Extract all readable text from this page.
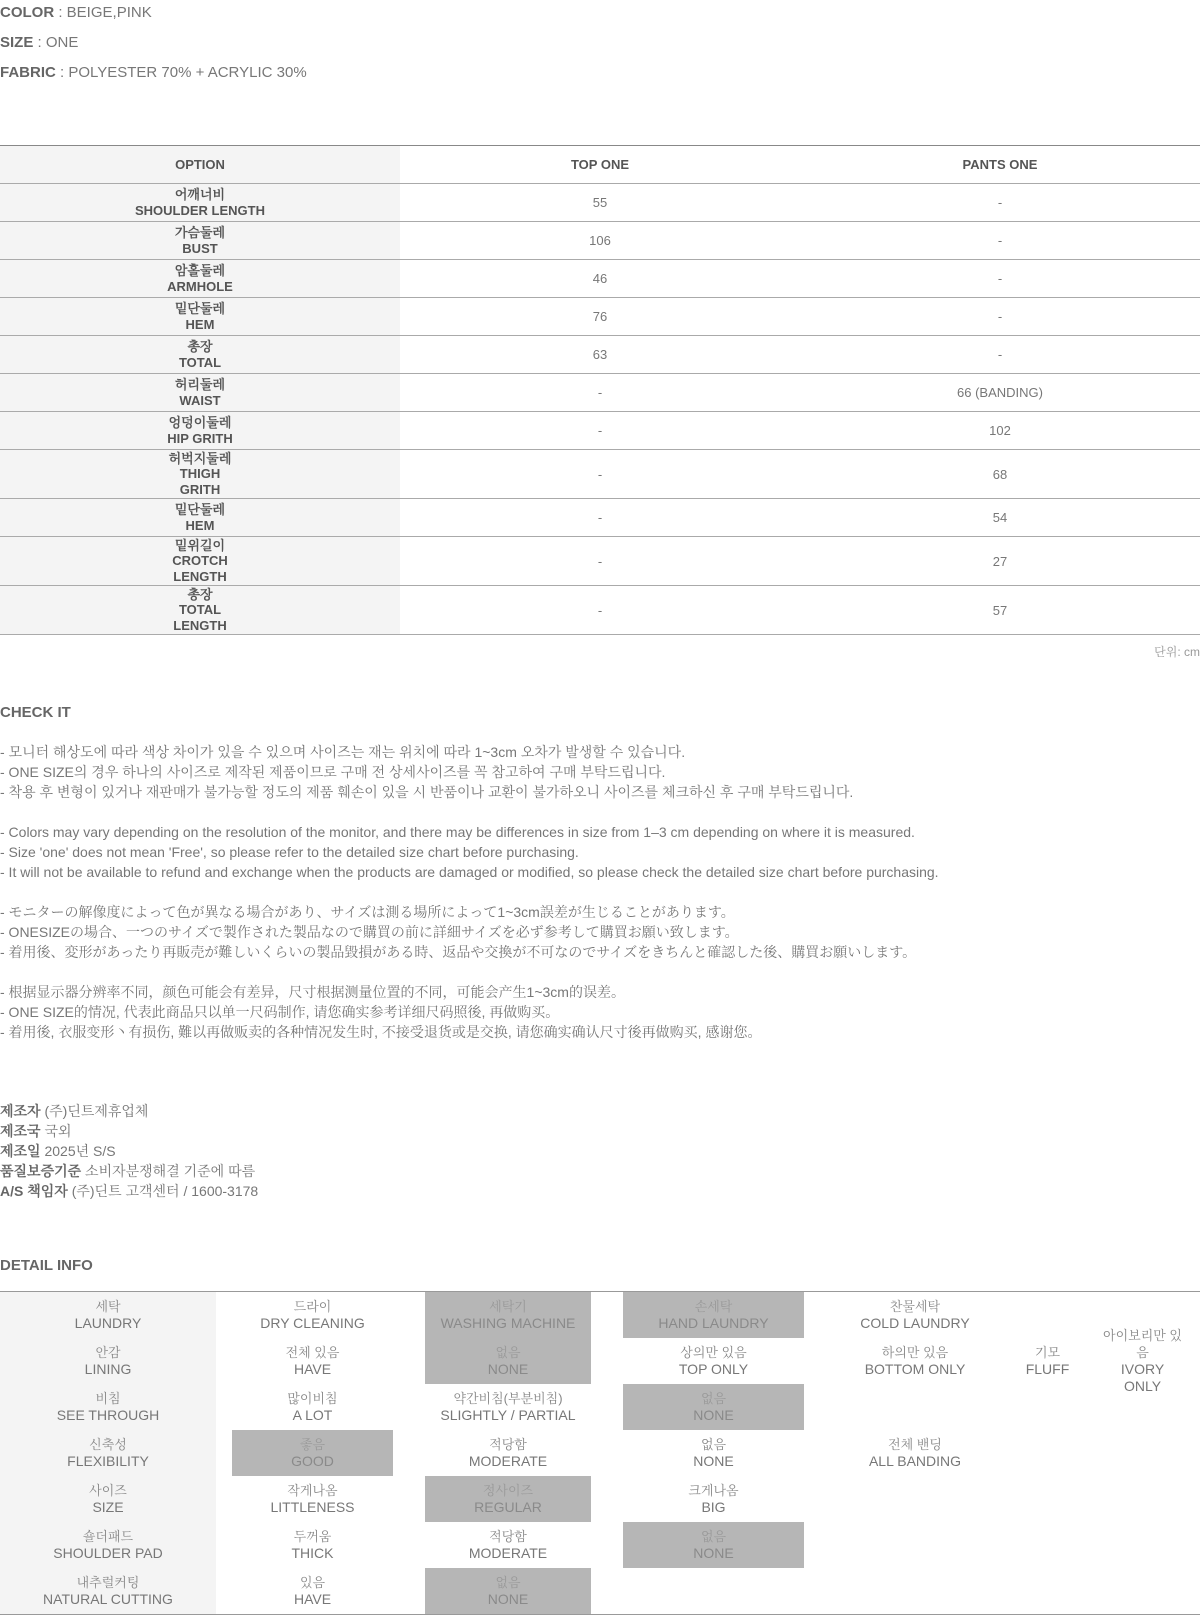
COLOR : BEIGE,PINK
SIZE : ONE
FABRIC : POLYESTER 70% + ACRYLIC 30%
OPTION	TOP ONE	PANTS ONE

어깨너비
SHOULDER LENGTH	55	-

가슴둘레
BUST	106	-

암홀둘레
ARMHOLE	46	-

밑단둘레
HEM	76	-

총장
TOTAL	63	-

허리둘레
WAIST	-	66 (BANDING)

엉덩이둘레
HIP GRITH	-	102

허벅지둘레
THIGH
GRITH	-	68

밑단둘레
HEM	-	54

밑위길이
CROTCH
LENGTH	-	27

총장
TOTAL
LENGTH	-	57
단위: cm
CHECK IT
- 모니터 해상도에 따라 색상 차이가 있을 수 있으며 사이즈는 재는 위치에 따라 1~3cm 오차가 발생할 수 있습니다.
- ONE SIZE의 경우 하나의 사이즈로 제작된 제품이므로 구매 전 상세사이즈를 꼭 참고하여 구매 부탁드립니다.
- 착용 후 변형이 있거나 재판매가 불가능할 정도의 제품 훼손이 있을 시 반품이나 교환이 불가하오니 사이즈를 체크하신 후 구매 부탁드립니다.
- Colors may vary depending on the resolution of the monitor, and there may be differences in size from 1–3 cm depending on where it is measured.
- Size 'one' does not mean 'Free', so please refer to the detailed size chart before purchasing.
- It will not be available to refund and exchange when the products are damaged or modified, so please check the detailed size chart before purchasing.
- モニターの解像度によって色が異なる場合があり、サイズは測る場所によって1~3cm誤差が生じることがあります。
- ONESIZEの場合、一つのサイズで製作された製品なので購買の前に詳細サイズを必ず参考して購買お願い致します。
- 着用後、変形があったり再販売が難しいくらいの製品毀損がある時、返品や交換が不可なのでサイズをきちんと確認した後、購買お願いします。
- 根据显示器分辨率不同，颜色可能会有差异，尺寸根据测量位置的不同，可能会产生1~3cm的误差。
- ONE SIZE的情况, 代表此商品只以单一尺码制作, 请您确实参考详细尺码照後, 再做购买。
- 着用後, 衣服变形丶有损伤, 難以再做贩卖的各种情况发生时, 不接受退货或是交换, 请您确实确认尺寸後再做购买, 感谢您。
제조자 (주)딘트제휴업체
제조국 국외
제조일 2025년 S/S
품질보증기준 소비자분쟁해결 기준에 따름
A/S 책임자 (주)딘트 고객센터 / 1600-3178
DETAIL INFO
세탁
LAUNDRY	드라이
DRY CLEANING	세탁기
WASHING MACHINE	손세탁
HAND LAUNDRY	찬물세탁
COLD LAUNDRY		

안감
LINING	전체 있음
HAVE	없음
NONE	상의만 있음
TOP ONLY	하의만 있음
BOTTOM ONLY	기모
FLUFF	아이보리만 있음
IVORY ONLY

비침
SEE THROUGH	많이비침
A LOT	약간비침(부분비침)
SLIGHTLY / PARTIAL	없음
NONE			

신축성
FLEXIBILITY	좋음
GOOD	적당함
MODERATE	없음
NONE	전체 밴딩
ALL BANDING		

사이즈
SIZE	작게나옴
LITTLENESS	정사이즈
REGULAR	크게나옴
BIG			

숄더패드
SHOULDER PAD	두꺼움
THICK	적당함
MODERATE	없음
NONE			

내추럴커팅
NATURAL CUTTING	있음
HAVE	없음
NONE				
